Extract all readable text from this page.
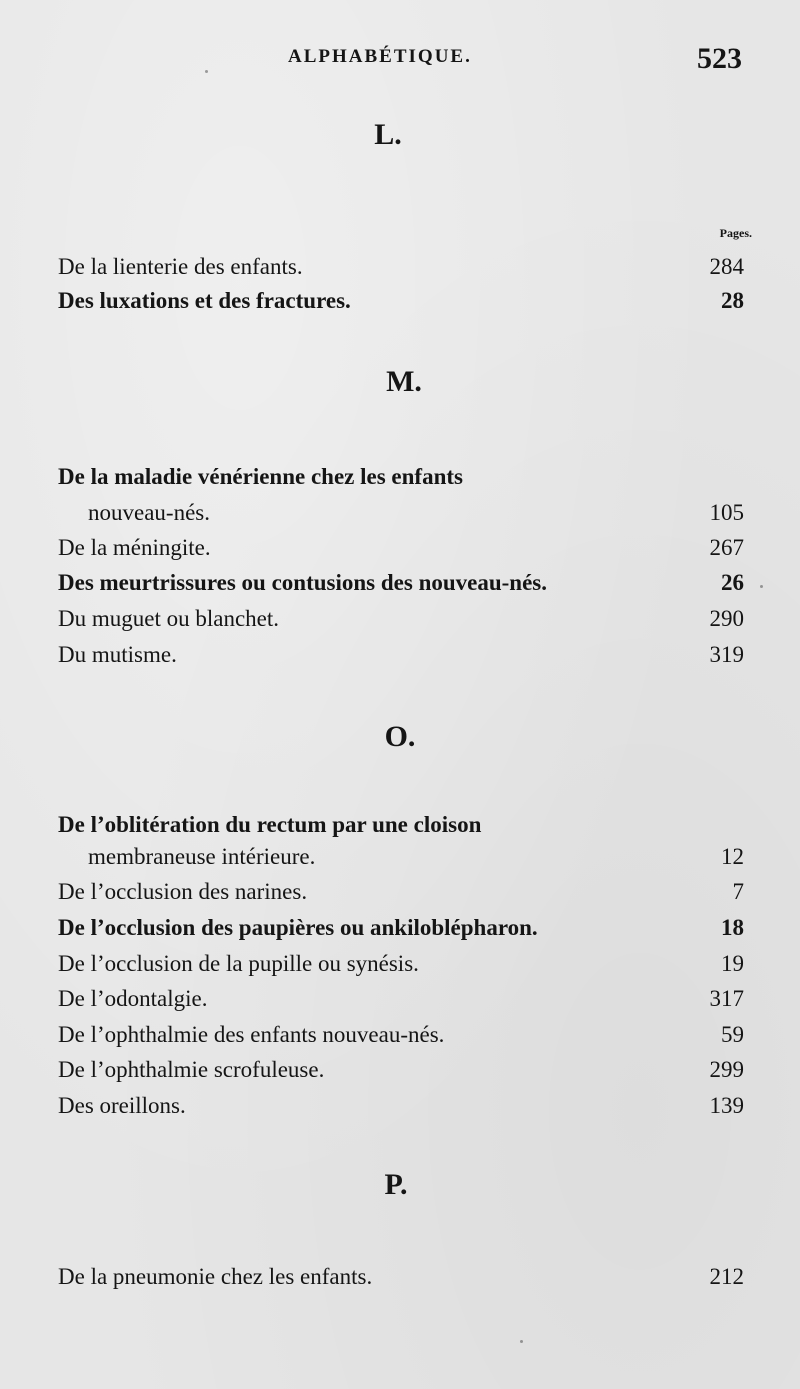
ALPHABÉTIQUE.	523
L.
Pages.
De la lienterie des enfants.	284
Des luxations et des fractures.	28
M.
De la maladie vénérienne chez les enfants
nouveau-nés.	105
De la méningite.	267
Des meurtrissures ou contusions des nouveau-nés.	26
Du muguet ou blanchet.	290
Du mutisme.	319
O.
De l’oblitération du rectum par une cloison
membraneuse intérieure.	12
De l’occlusion des narines.	7
De l’occlusion des paupières ou ankiloblépharon.	18
De l’occlusion de la pupille ou synésis.	19
De l’odontalgie.	317
De l’ophthalmie des enfants nouveau-nés.	59
De l’ophthalmie scrofuleuse.	299
Des oreillons.	139
P.
De la pneumonie chez les enfants.	212
